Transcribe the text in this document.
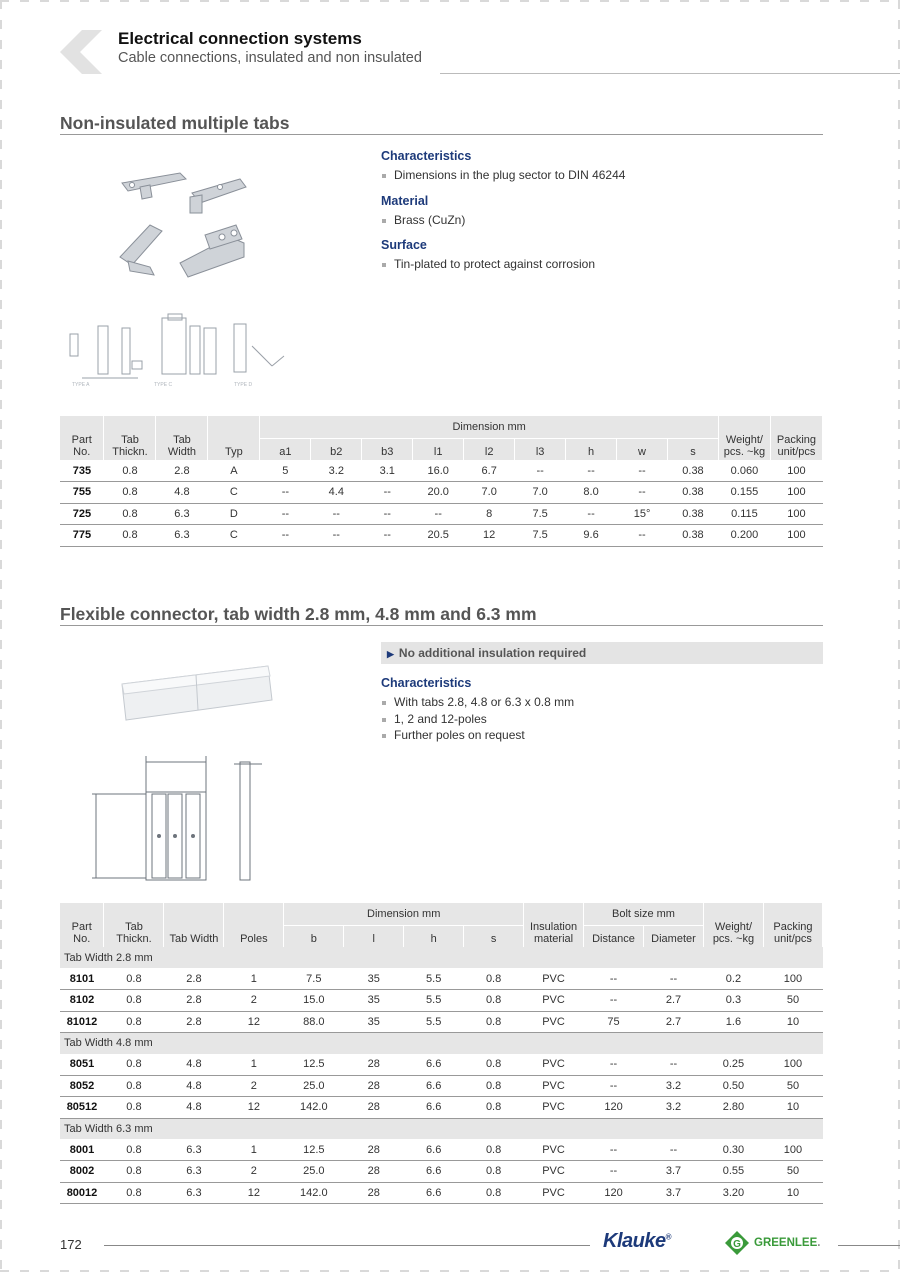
Electrical connection systems
Cable connections, insulated and non insulated
Non-insulated multiple tabs
TYPE A	TYPE C	TYPE D
Characteristics
Dimensions in the plug sector to DIN 46244
Material
Brass (CuZn)
Surface
Tin-plated to protect against corrosion
Part No.	Tab Thickn.	Tab Width	Typ	Dimension mm									Weight/ pcs. ~kg	Packing unit/pcs
				a1	b2	b3	l1	l2	l3	h	w	s		
735	0.8	2.8	A	5	3.2	3.1	16.0	6.7	--	--	--	0.38	0.060	100
755	0.8	4.8	C	--	4.4	--	20.0	7.0	7.0	8.0	--	0.38	0.155	100
725	0.8	6.3	D	--	--	--	--	8	7.5	--	15°	0.38	0.115	100
775	0.8	6.3	C	--	--	--	20.5	12	7.5	9.6	--	0.38	0.200	100
Flexible connector, tab width 2.8 mm, 4.8 mm and 6.3 mm
▶ No additional insulation required
Characteristics
With tabs 2.8, 4.8 or 6.3 x 0.8 mm
1, 2 and 12-poles
Further poles on request
Part No.	Tab Thickn.	Tab Width	Poles	Dimension mm				Insulation material	Bolt size mm		Weight/ pcs. ~kg	Packing unit/pcs
				b	l	h	s		Distance	Diameter		
Tab Width 2.8 mm												
8101	0.8	2.8	1	7.5	35	5.5	0.8	PVC	--	--	0.2	100
8102	0.8	2.8	2	15.0	35	5.5	0.8	PVC	--	2.7	0.3	50
81012	0.8	2.8	12	88.0	35	5.5	0.8	PVC	75	2.7	1.6	10
Tab Width 4.8 mm												
8051	0.8	4.8	1	12.5	28	6.6	0.8	PVC	--	--	0.25	100
8052	0.8	4.8	2	25.0	28	6.6	0.8	PVC	--	3.2	0.50	50
80512	0.8	4.8	12	142.0	28	6.6	0.8	PVC	120	3.2	2.80	10
Tab Width 6.3 mm												
8001	0.8	6.3	1	12.5	28	6.6	0.8	PVC	--	--	0.30	100
8002	0.8	6.3	2	25.0	28	6.6	0.8	PVC	--	3.7	0.55	50
80012	0.8	6.3	12	142.0	28	6.6	0.8	PVC	120	3.7	3.20	10
172	Klauke®
G GREENLEE.
